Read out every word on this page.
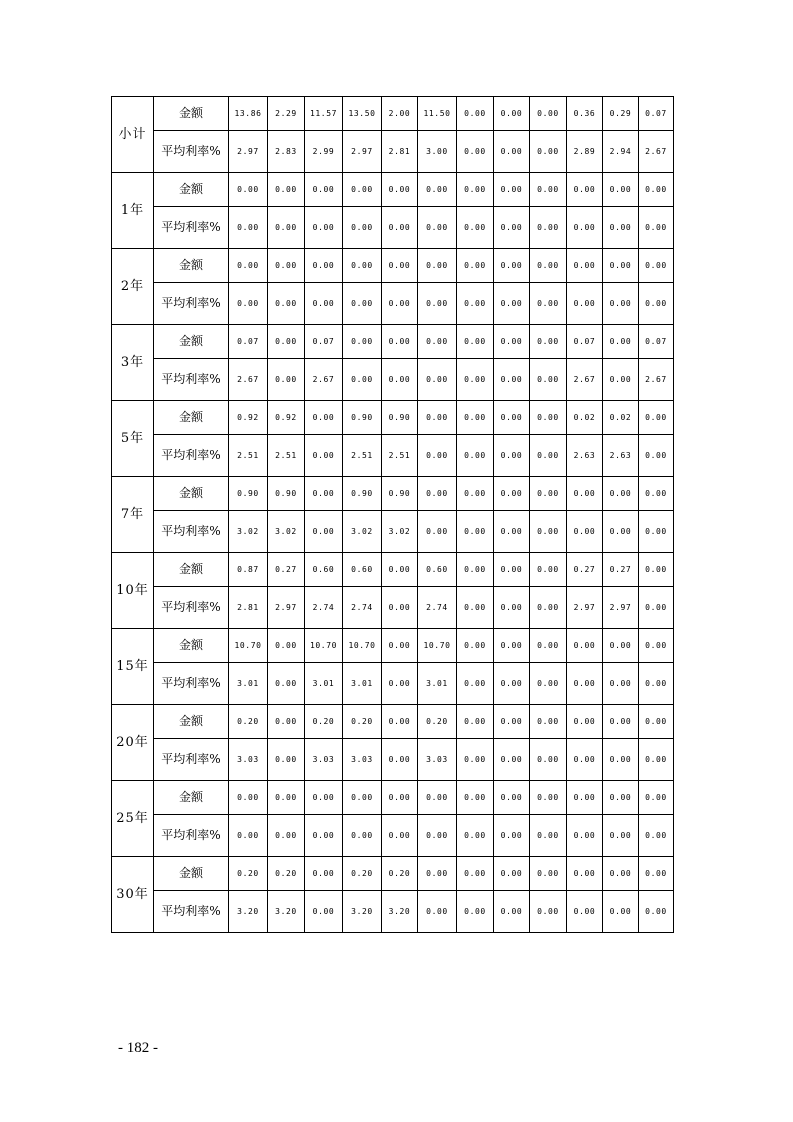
小计	金额	13.86	2.29	11.57	13.50	2.00	11.50	0.00	0.00	0.00	0.36	0.29	0.07
	平均利率%	2.97	2.83	2.99	2.97	2.81	3.00	0.00	0.00	0.00	2.89	2.94	2.67
1年	金额	0.00	0.00	0.00	0.00	0.00	0.00	0.00	0.00	0.00	0.00	0.00	0.00
	平均利率%	0.00	0.00	0.00	0.00	0.00	0.00	0.00	0.00	0.00	0.00	0.00	0.00
2年	金额	0.00	0.00	0.00	0.00	0.00	0.00	0.00	0.00	0.00	0.00	0.00	0.00
	平均利率%	0.00	0.00	0.00	0.00	0.00	0.00	0.00	0.00	0.00	0.00	0.00	0.00
3年	金额	0.07	0.00	0.07	0.00	0.00	0.00	0.00	0.00	0.00	0.07	0.00	0.07
	平均利率%	2.67	0.00	2.67	0.00	0.00	0.00	0.00	0.00	0.00	2.67	0.00	2.67
5年	金额	0.92	0.92	0.00	0.90	0.90	0.00	0.00	0.00	0.00	0.02	0.02	0.00
	平均利率%	2.51	2.51	0.00	2.51	2.51	0.00	0.00	0.00	0.00	2.63	2.63	0.00
7年	金额	0.90	0.90	0.00	0.90	0.90	0.00	0.00	0.00	0.00	0.00	0.00	0.00
	平均利率%	3.02	3.02	0.00	3.02	3.02	0.00	0.00	0.00	0.00	0.00	0.00	0.00
10年	金额	0.87	0.27	0.60	0.60	0.00	0.60	0.00	0.00	0.00	0.27	0.27	0.00
	平均利率%	2.81	2.97	2.74	2.74	0.00	2.74	0.00	0.00	0.00	2.97	2.97	0.00
15年	金额	10.70	0.00	10.70	10.70	0.00	10.70	0.00	0.00	0.00	0.00	0.00	0.00
	平均利率%	3.01	0.00	3.01	3.01	0.00	3.01	0.00	0.00	0.00	0.00	0.00	0.00
20年	金额	0.20	0.00	0.20	0.20	0.00	0.20	0.00	0.00	0.00	0.00	0.00	0.00
	平均利率%	3.03	0.00	3.03	3.03	0.00	3.03	0.00	0.00	0.00	0.00	0.00	0.00
25年	金额	0.00	0.00	0.00	0.00	0.00	0.00	0.00	0.00	0.00	0.00	0.00	0.00
	平均利率%	0.00	0.00	0.00	0.00	0.00	0.00	0.00	0.00	0.00	0.00	0.00	0.00
30年	金额	0.20	0.20	0.00	0.20	0.20	0.00	0.00	0.00	0.00	0.00	0.00	0.00
	平均利率%	3.20	3.20	0.00	3.20	3.20	0.00	0.00	0.00	0.00	0.00	0.00	0.00
- 182 -
